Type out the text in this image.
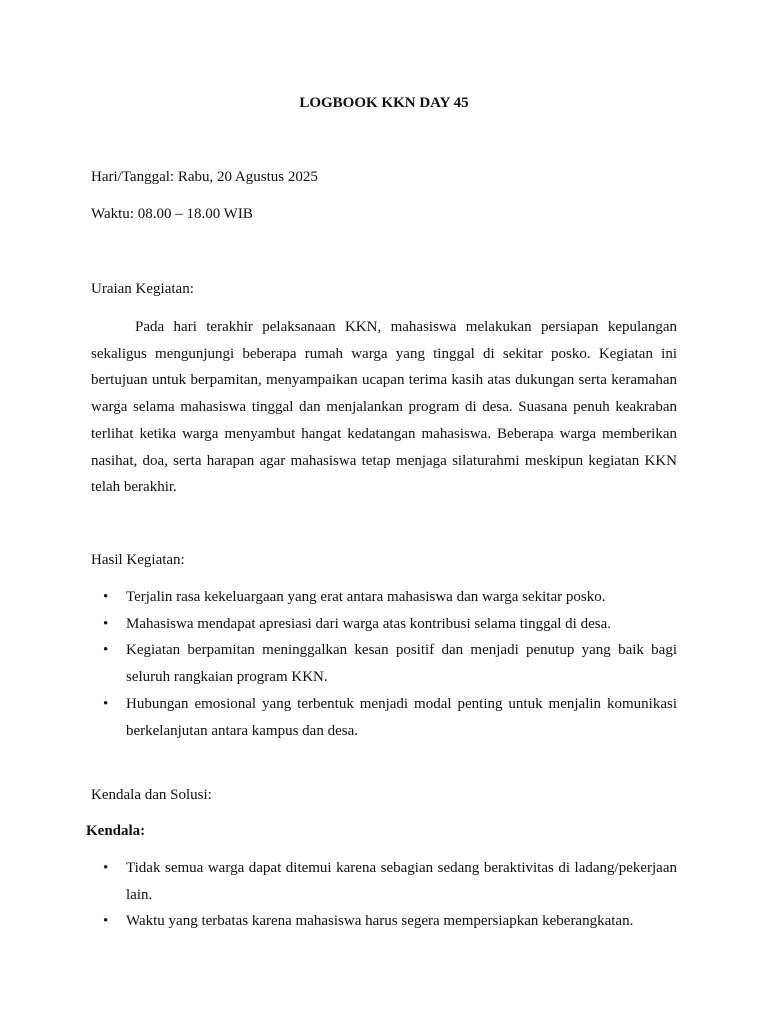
LOGBOOK KKN DAY 45
Hari/Tanggal: Rabu, 20 Agustus 2025
Waktu: 08.00 – 18.00 WIB
Uraian Kegiatan:
Pada hari terakhir pelaksanaan KKN, mahasiswa melakukan persiapan kepulangan sekaligus mengunjungi beberapa rumah warga yang tinggal di sekitar posko. Kegiatan ini bertujuan untuk berpamitan, menyampaikan ucapan terima kasih atas dukungan serta keramahan warga selama mahasiswa tinggal dan menjalankan program di desa. Suasana penuh keakraban terlihat ketika warga menyambut hangat kedatangan mahasiswa. Beberapa warga memberikan nasihat, doa, serta harapan agar mahasiswa tetap menjaga silaturahmi meskipun kegiatan KKN telah berakhir.
Hasil Kegiatan:
• Terjalin rasa kekeluargaan yang erat antara mahasiswa dan warga sekitar posko.
• Mahasiswa mendapat apresiasi dari warga atas kontribusi selama tinggal di desa.
• Kegiatan berpamitan meninggalkan kesan positif dan menjadi penutup yang baik bagi seluruh rangkaian program KKN.
• Hubungan emosional yang terbentuk menjadi modal penting untuk menjalin komunikasi berkelanjutan antara kampus dan desa.
Kendala dan Solusi:
Kendala:
• Tidak semua warga dapat ditemui karena sebagian sedang beraktivitas di ladang/pekerjaan lain.
• Waktu yang terbatas karena mahasiswa harus segera mempersiapkan keberangkatan.
